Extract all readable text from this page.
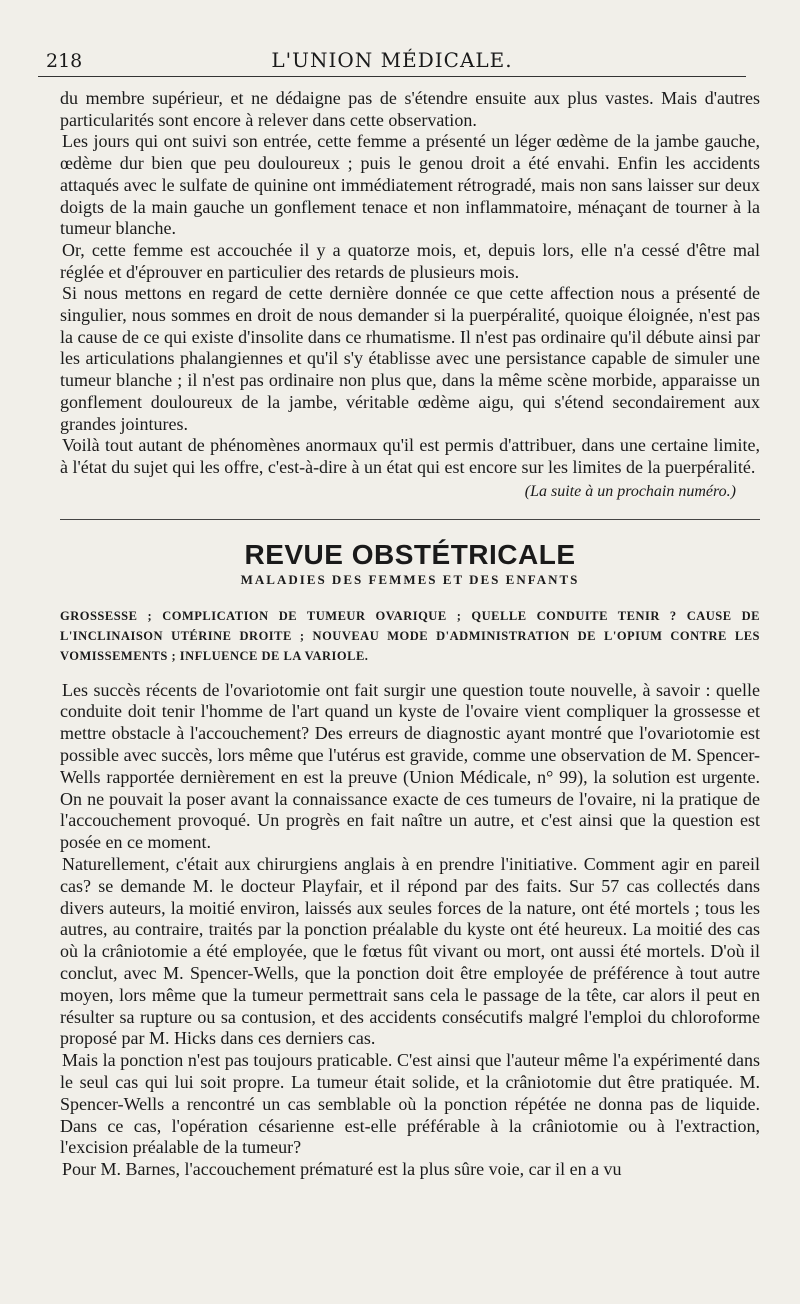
218	L'UNION MÉDICALE.

du membre supérieur, et ne dédaigne pas de s'étendre ensuite aux plus vastes. Mais d'autres particularités sont encore à relever dans cette observation.

Les jours qui ont suivi son entrée, cette femme a présenté un léger œdème de la jambe gauche, œdème dur bien que peu douloureux ; puis le genou droit a été envahi. Enfin les accidents attaqués avec le sulfate de quinine ont immédiatement rétrogradé, mais non sans laisser sur deux doigts de la main gauche un gonflement tenace et non inflammatoire, ménaçant de tourner à la tumeur blanche.

Or, cette femme est accouchée il y a quatorze mois, et, depuis lors, elle n'a cessé d'être mal réglée et d'éprouver en particulier des retards de plusieurs mois.

Si nous mettons en regard de cette dernière donnée ce que cette affection nous a présenté de singulier, nous sommes en droit de nous demander si la puerpéralité, quoique éloignée, n'est pas la cause de ce qui existe d'insolite dans ce rhumatisme. Il n'est pas ordinaire qu'il débute ainsi par les articulations phalangiennes et qu'il s'y établisse avec une persistance capable de simuler une tumeur blanche ; il n'est pas ordinaire non plus que, dans la même scène morbide, apparaisse un gonflement douloureux de la jambe, véritable œdème aigu, qui s'étend secondairement aux grandes jointures.

Voilà tout autant de phénomènes anormaux qu'il est permis d'attribuer, dans une certaine limite, à l'état du sujet qui les offre, c'est-à-dire à un état qui est encore sur les limites de la puerpéralité.

(La suite à un prochain numéro.)
REVUE OBSTÉTRICALE
MALADIES DES FEMMES ET DES ENFANTS
GROSSESSE ; COMPLICATION DE TUMEUR OVARIQUE ; QUELLE CONDUITE TENIR ? CAUSE DE L'INCLINAISON UTÉRINE DROITE ; NOUVEAU MODE D'ADMINISTRATION DE L'OPIUM CONTRE LES VOMISSEMENTS ; INFLUENCE DE LA VARIOLE.

Les succès récents de l'ovariotomie ont fait surgir une question toute nouvelle, à savoir : quelle conduite doit tenir l'homme de l'art quand un kyste de l'ovaire vient compliquer la grossesse et mettre obstacle à l'accouchement? Des erreurs de diagnostic ayant montré que l'ovariotomie est possible avec succès, lors même que l'utérus est gravide, comme une observation de M. Spencer-Wells rapportée dernièrement en est la preuve (Union Médicale, n° 99), la solution est urgente. On ne pouvait la poser avant la connaissance exacte de ces tumeurs de l'ovaire, ni la pratique de l'accouchement provoqué. Un progrès en fait naître un autre, et c'est ainsi que la question est posée en ce moment.

Naturellement, c'était aux chirurgiens anglais à en prendre l'initiative. Comment agir en pareil cas? se demande M. le docteur Playfair, et il répond par des faits. Sur 57 cas collectés dans divers auteurs, la moitié environ, laissés aux seules forces de la nature, ont été mortels ; tous les autres, au contraire, traités par la ponction préalable du kyste ont été heureux. La moitié des cas où la crâniotomie a été employée, que le fœtus fût vivant ou mort, ont aussi été mortels. D'où il conclut, avec M. Spencer-Wells, que la ponction doit être employée de préférence à tout autre moyen, lors même que la tumeur permettrait sans cela le passage de la tête, car alors il peut en résulter sa rupture ou sa contusion, et des accidents consécutifs malgré l'emploi du chloroforme proposé par M. Hicks dans ces derniers cas.

Mais la ponction n'est pas toujours praticable. C'est ainsi que l'auteur même l'a expérimenté dans le seul cas qui lui soit propre. La tumeur était solide, et la crâniotomie dut être pratiquée. M. Spencer-Wells a rencontré un cas semblable où la ponction répétée ne donna pas de liquide. Dans ce cas, l'opération césarienne est-elle préférable à la crâniotomie ou à l'extraction, l'excision préalable de la tumeur?

Pour M. Barnes, l'accouchement prématuré est la plus sûre voie, car il en a vu
